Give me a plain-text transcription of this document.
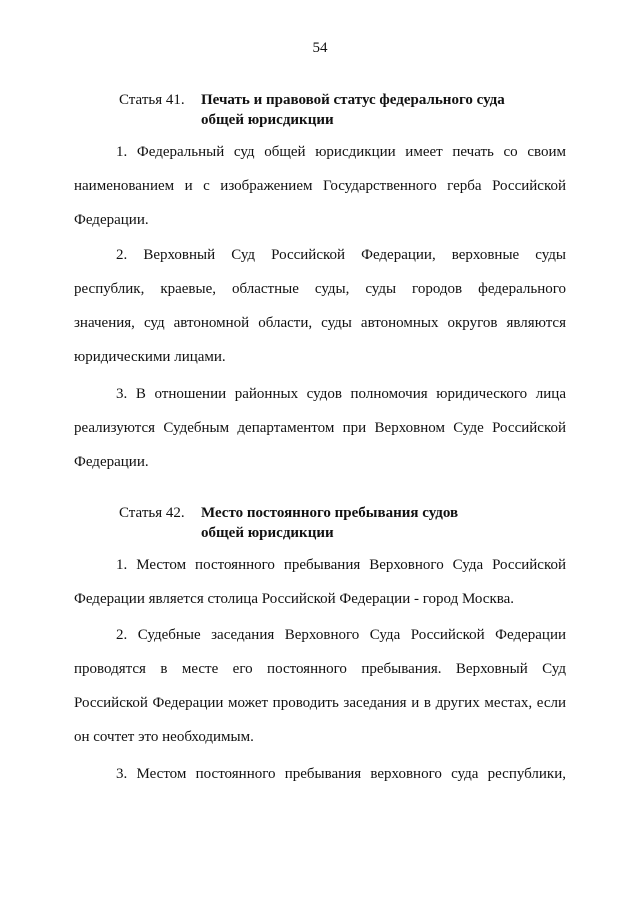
54
Статья 41. Печать и правовой статус федерального суда
общей юрисдикции
1. Федеральный суд общей юрисдикции имеет печать со своим
наименованием и с изображением Государственного герба Российской
Федерации.
2. Верховный Суд Российской Федерации, верховные суды
республик, краевые, областные суды, суды городов федерального
значения, суд автономной области, суды автономных округов являются
юридическими лицами.
3. В отношении районных судов полномочия юридического лица
реализуются Судебным департаментом при Верховном Суде Российской
Федерации.
Статья 42. Место постоянного пребывания судов
общей юрисдикции
1. Местом постоянного пребывания Верховного Суда Российской
Федерации является столица Российской Федерации - город Москва.
2. Судебные заседания Верховного Суда Российской Федерации
проводятся в месте его постоянного пребывания. Верховный Суд
Российской Федерации может проводить заседания и в других местах, если
он сочтет это необходимым.
3. Местом постоянного пребывания верховного суда республики,
